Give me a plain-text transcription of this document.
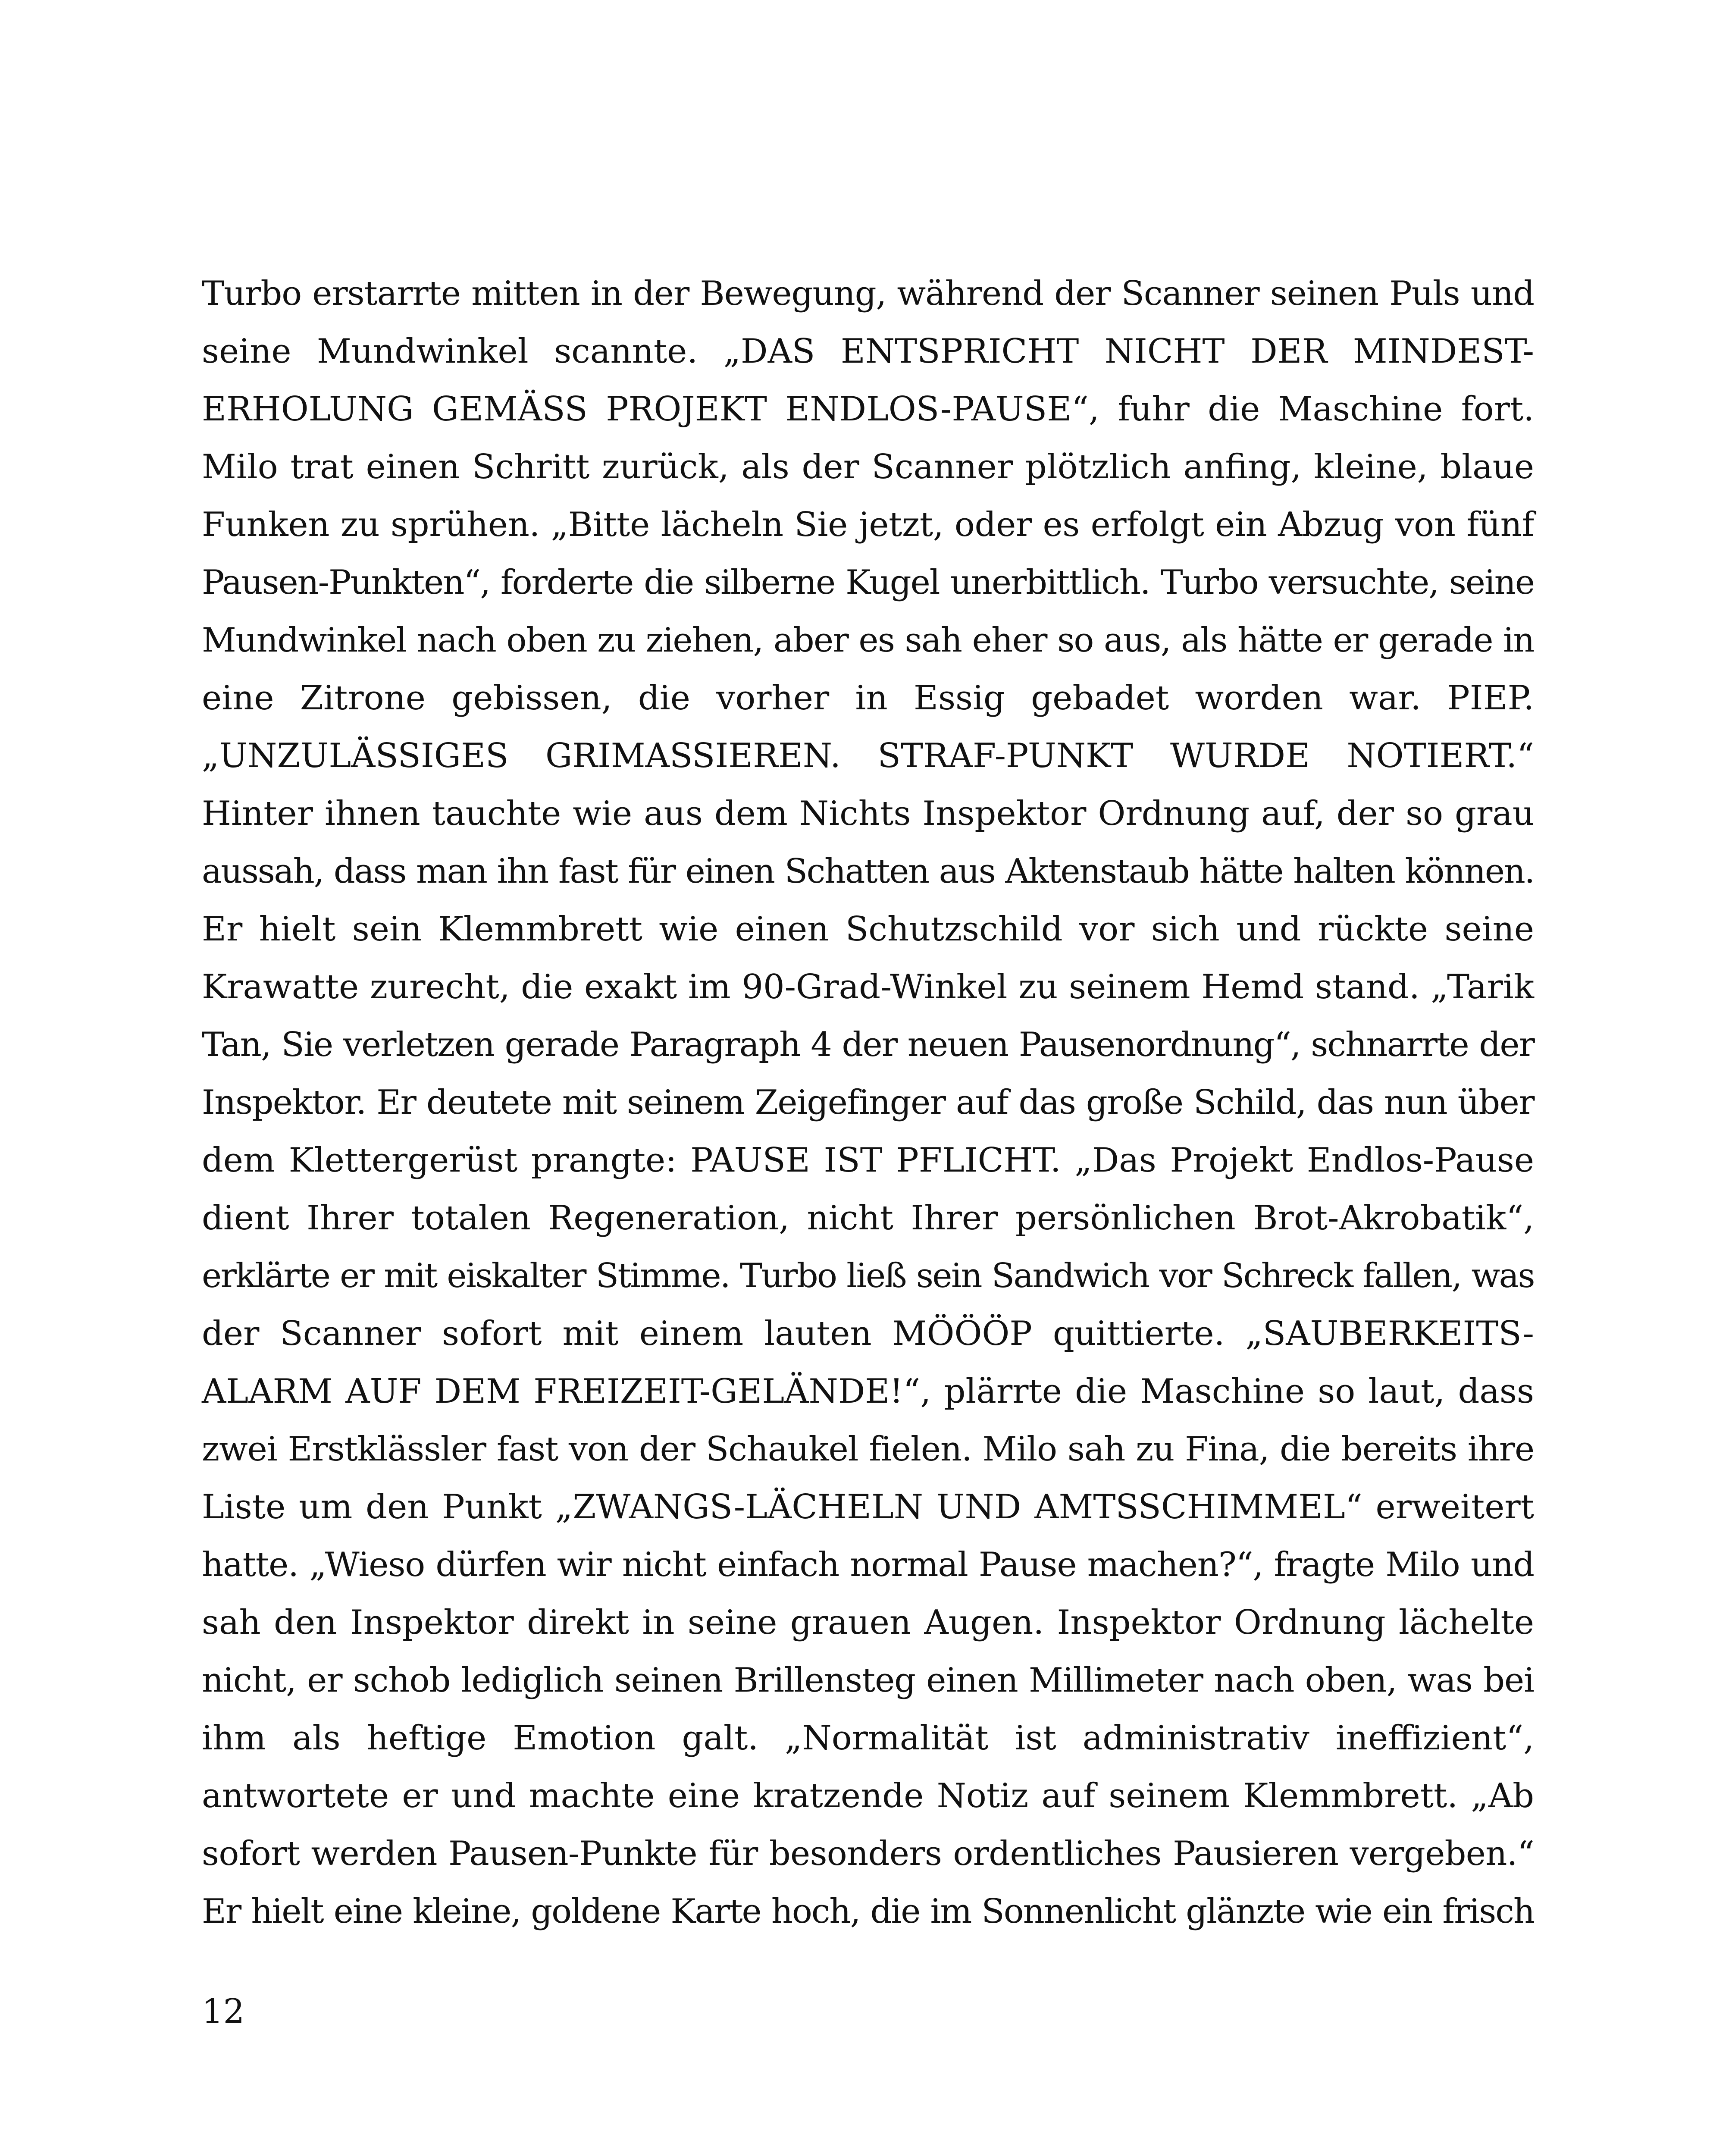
Turbo erstarrte mitten in der Bewegung, während der Scanner seinen Puls und
seine Mundwinkel scannte. „DAS ENTSPRICHT NICHT DER MINDEST-
ERHOLUNG GEMÄSS PROJEKT ENDLOS-PAUSE“, fuhr die Maschine fort.
Milo trat einen Schritt zurück, als der Scanner plötzlich anfing, kleine, blaue
Funken zu sprühen. „Bitte lächeln Sie jetzt, oder es erfolgt ein Abzug von fünf
Pausen-Punkten“, forderte die silberne Kugel unerbittlich. Turbo versuchte, seine
Mundwinkel nach oben zu ziehen, aber es sah eher so aus, als hätte er gerade in
eine Zitrone gebissen, die vorher in Essig gebadet worden war. PIEP.
„UNZULÄSSIGES GRIMASSIEREN. STRAF-PUNKT WURDE NOTIERT.“
Hinter ihnen tauchte wie aus dem Nichts Inspektor Ordnung auf, der so grau
aussah, dass man ihn fast für einen Schatten aus Aktenstaub hätte halten können.
Er hielt sein Klemmbrett wie einen Schutzschild vor sich und rückte seine
Krawatte zurecht, die exakt im 90-Grad-Winkel zu seinem Hemd stand. „Tarik
Tan, Sie verletzen gerade Paragraph 4 der neuen Pausenordnung“, schnarrte der
Inspektor. Er deutete mit seinem Zeigefinger auf das große Schild, das nun über
dem Klettergerüst prangte: PAUSE IST PFLICHT. „Das Projekt Endlos-Pause
dient Ihrer totalen Regeneration, nicht Ihrer persönlichen Brot-Akrobatik“,
erklärte er mit eiskalter Stimme. Turbo ließ sein Sandwich vor Schreck fallen, was
der Scanner sofort mit einem lauten MÖÖÖP quittierte. „SAUBERKEITS-
ALARM AUF DEM FREIZEIT-GELÄNDE!“, plärrte die Maschine so laut, dass
zwei Erstklässler fast von der Schaukel fielen. Milo sah zu Fina, die bereits ihre
Liste um den Punkt „ZWANGS-LÄCHELN UND AMTSSCHIMMEL“ erweitert
hatte. „Wieso dürfen wir nicht einfach normal Pause machen?“, fragte Milo und
sah den Inspektor direkt in seine grauen Augen. Inspektor Ordnung lächelte
nicht, er schob lediglich seinen Brillensteg einen Millimeter nach oben, was bei
ihm als heftige Emotion galt. „Normalität ist administrativ ineffizient“,
antwortete er und machte eine kratzende Notiz auf seinem Klemmbrett. „Ab
sofort werden Pausen-Punkte für besonders ordentliches Pausieren vergeben.“
Er hielt eine kleine, goldene Karte hoch, die im Sonnenlicht glänzte wie ein frisch
12
